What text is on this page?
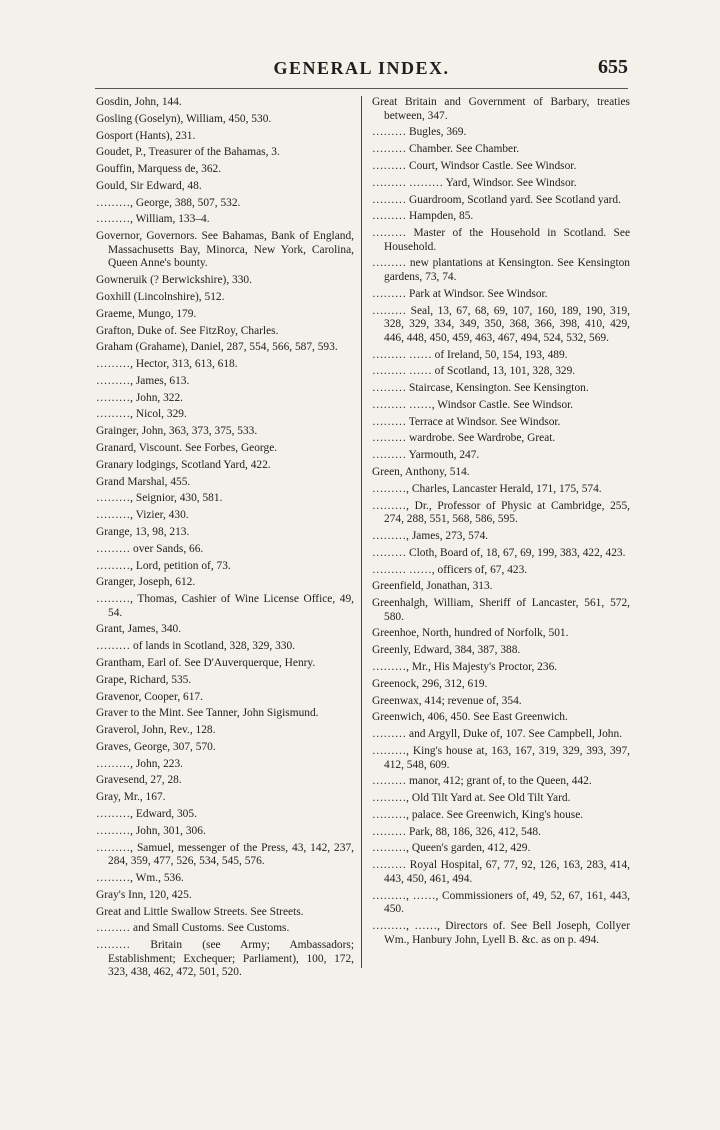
GENERAL INDEX.	655
Gosdin, John, 144.
Gosling (Goselyn), William, 450, 530.
Gosport (Hants), 231.
Goudet, P., Treasurer of the Bahamas, 3.
Gouffin, Marquess de, 362.
Gould, Sir Edward, 48.
………, George, 388, 507, 532.
………, William, 133–4.
Governor, Governors. See Bahamas, Bank of England, Massachusetts Bay, Minorca, New York, Carolina, Queen Anne's bounty.
Gowneruik (? Berwickshire), 330.
Goxhill (Lincolnshire), 512.
Graeme, Mungo, 179.
Grafton, Duke of. See FitzRoy, Charles.
Graham (Grahame), Daniel, 287, 554, 566, 587, 593.
………, Hector, 313, 613, 618.
………, James, 613.
………, John, 322.
………, Nicol, 329.
Grainger, John, 363, 373, 375, 533.
Granard, Viscount. See Forbes, George.
Granary lodgings, Scotland Yard, 422.
Grand Marshal, 455.
………, Seignior, 430, 581.
………, Vizier, 430.
Grange, 13, 98, 213.
……… over Sands, 66.
………, Lord, petition of, 73.
Granger, Joseph, 612.
………, Thomas, Cashier of Wine License Office, 49, 54.
Grant, James, 340.
……… of lands in Scotland, 328, 329, 330.
Grantham, Earl of. See D'Auverquerque, Henry.
Grape, Richard, 535.
Gravenor, Cooper, 617.
Graver to the Mint. See Tanner, John Sigismund.
Graverol, John, Rev., 128.
Graves, George, 307, 570.
………, John, 223.
Gravesend, 27, 28.
Gray, Mr., 167.
………, Edward, 305.
………, John, 301, 306.
………, Samuel, messenger of the Press, 43, 142, 237, 284, 359, 477, 526, 534, 545, 576.
………, Wm., 536.
Gray's Inn, 120, 425.
Great and Little Swallow Streets. See Streets.
……… and Small Customs. See Customs.
……… Britain (see Army; Ambassadors; Establishment; Exchequer; Parliament), 100, 172, 323, 438, 462, 472, 501, 520.
Great Britain and Government of Barbary, treaties between, 347.
……… Bugles, 369.
……… Chamber. See Chamber.
……… Court, Windsor Castle. See Windsor.
……… ……… Yard, Windsor. See Windsor.
……… Guardroom, Scotland yard. See Scotland yard.
……… Hampden, 85.
……… Master of the Household in Scotland. See Household.
……… new plantations at Kensington. See Kensington gardens, 73, 74.
……… Park at Windsor. See Windsor.
……… Seal, 13, 67, 68, 69, 107, 160, 189, 190, 319, 328, 329, 334, 349, 350, 368, 366, 398, 410, 429, 446, 448, 450, 459, 463, 467, 494, 524, 532, 569.
……… …… of Ireland, 50, 154, 193, 489.
……… …… of Scotland, 13, 101, 328, 329.
……… Staircase, Kensington. See Kensington.
……… ……, Windsor Castle. See Windsor.
……… Terrace at Windsor. See Windsor.
……… wardrobe. See Wardrobe, Great.
……… Yarmouth, 247.
Green, Anthony, 514.
………, Charles, Lancaster Herald, 171, 175, 574.
………, Dr., Professor of Physic at Cambridge, 255, 274, 288, 551, 568, 586, 595.
………, James, 273, 574.
……… Cloth, Board of, 18, 67, 69, 199, 383, 422, 423.
……… ……, officers of, 67, 423.
Greenfield, Jonathan, 313.
Greenhalgh, William, Sheriff of Lancaster, 561, 572, 580.
Greenhoe, North, hundred of Norfolk, 501.
Greenly, Edward, 384, 387, 388.
………, Mr., His Majesty's Proctor, 236.
Greenock, 296, 312, 619.
Greenwax, 414; revenue of, 354.
Greenwich, 406, 450. See East Greenwich.
……… and Argyll, Duke of, 107. See Campbell, John.
………, King's house at, 163, 167, 319, 329, 393, 397, 412, 548, 609.
……… manor, 412; grant of, to the Queen, 442.
………, Old Tilt Yard at. See Old Tilt Yard.
………, palace. See Greenwich, King's house.
……… Park, 88, 186, 326, 412, 548.
………, Queen's garden, 412, 429.
……… Royal Hospital, 67, 77, 92, 126, 163, 283, 414, 443, 450, 461, 494.
………, ……, Commissioners of, 49, 52, 67, 161, 443, 450.
………, ……, Directors of. See Bell Joseph, Collyer Wm., Hanbury John, Lyell B. &c. as on p. 494.
